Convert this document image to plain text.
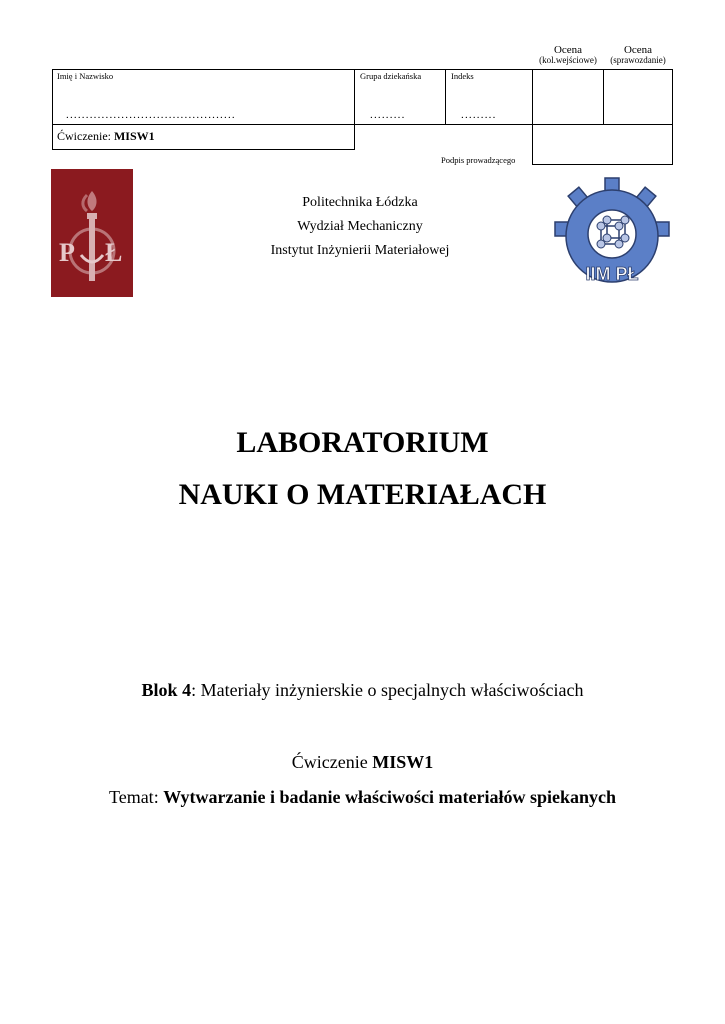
Ocena
(kol.wejściowe)
Ocena
(sprawozdanie)
Imię i Nazwisko	Grupa dziekańska	Indeks
...........................................	.........	.........
Ćwiczenie: MISW1
Podpis prowadzącego
P Ł
Politechnika Łódzka
Wydział Mechaniczny
Instytut Inżynierii Materiałowej
IIM PŁ
LABORATORIUM
NAUKI O MATERIAŁACH
Blok 4: Materiały inżynierskie o specjalnych właściwościach
Ćwiczenie MISW1
Temat: Wytwarzanie i badanie właściwości materiałów spiekanych
